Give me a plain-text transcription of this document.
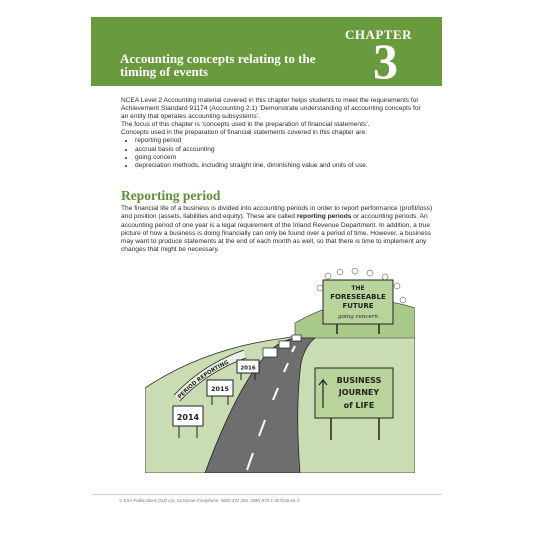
CHAPTER
3
Accounting concepts relating to the timing of events

NCEA Level 2 Accounting material covered in this chapter helps students to meet the requirements for Achievement Standard 91174 (Accounting 2.1) ‘Demonstrate understanding of accounting concepts for an entity that operates accounting subsystems’.

The focus of this chapter is ‘concepts used in the preparation of financial statements’.

Concepts used in the preparation of financial statements covered in this chapter are:

• reporting period
• accrual basis of accounting
• going concern
• depreciation methods, including straight line, diminishing value and units of use.
Reporting period
The financial life of a business is divided into accounting periods in order to report performance (profit/loss) and position (assets, liabilities and equity). These are called reporting periods or accounting periods. An accounting period of one year is a legal requirement of the Inland Revenue Department. In addition, a true picture of how a business is doing financially can only be found over a period of time. However, a business may want to produce statements at the end of each month as well, so that there is time to implement any changes that might be necessary.
THE
FORESEEABLE
FUTURE
going concern
BUSINESS
JOURNEY
of LIFE
PERIOD REPORTING
2014
2015
2016
© ESA Publications (NZ) Ltd, Customer Freephone: 0800-372 266, ISBN 978-1-927245-61-3
